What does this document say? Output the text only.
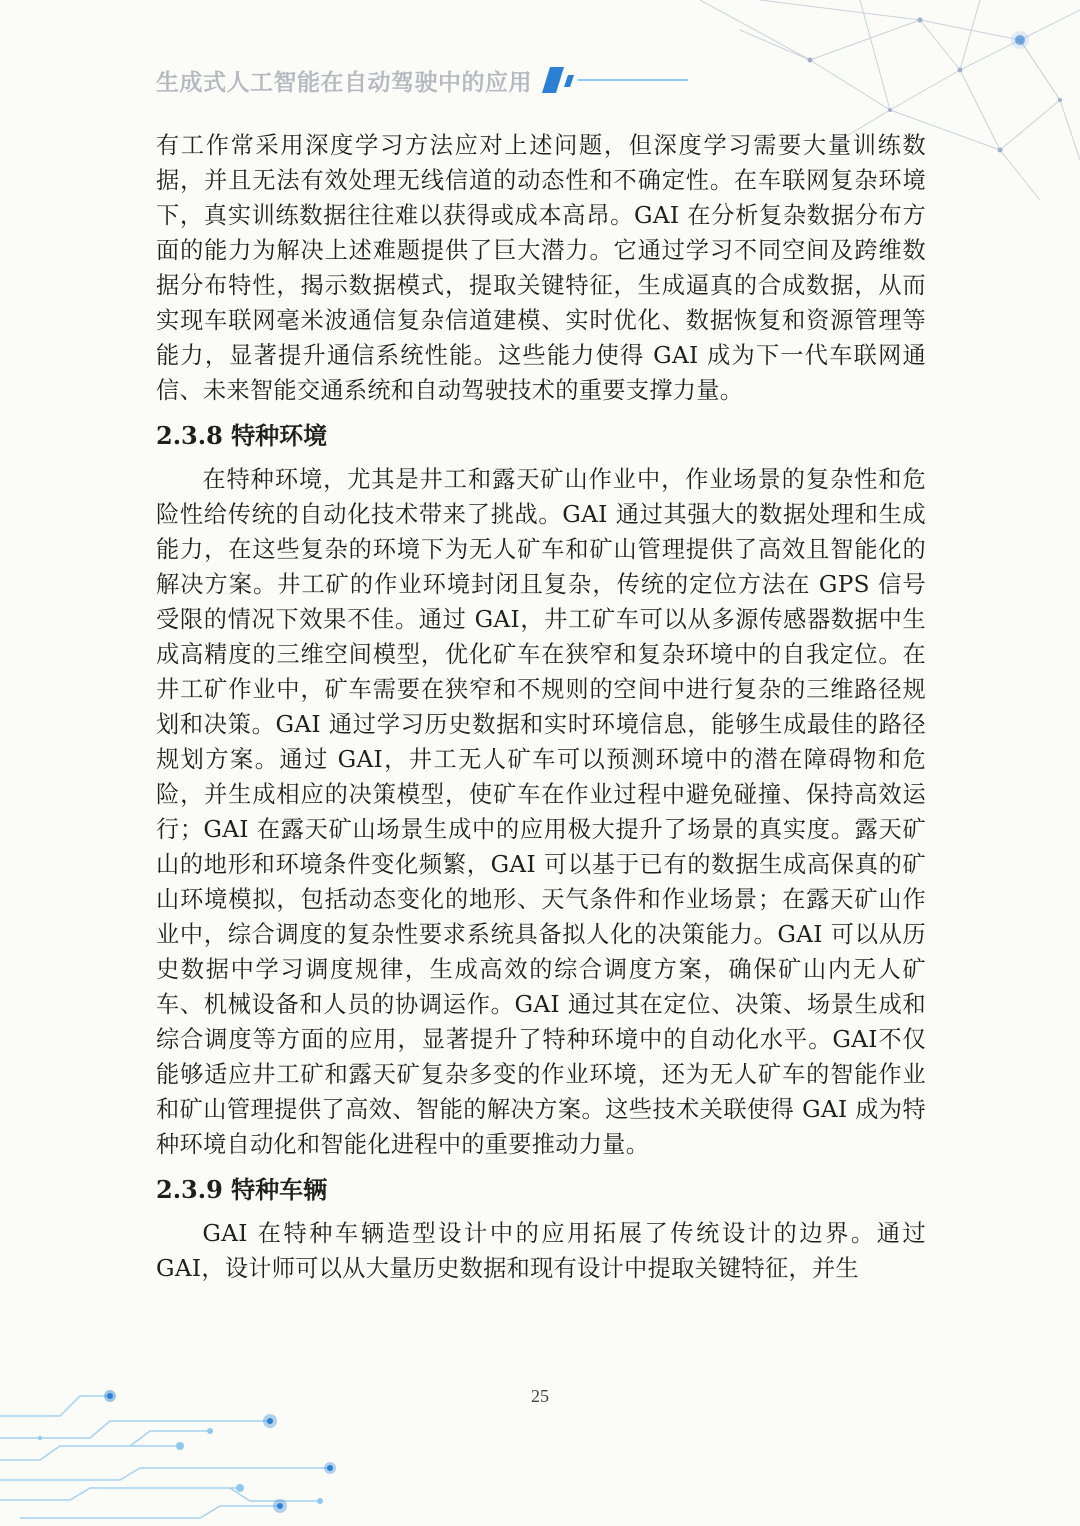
生成式人工智能在自动驾驶中的应用

有工作常采用深度学习方法应对上述问题，但深度学习需要大量训练数据，并且无法有效处理无线信道的动态性和不确定性。在车联网复杂环境下，真实训练数据往往难以获得或成本高昂。GAI 在分析复杂数据分布方面的能力为解决上述难题提供了巨大潜力。它通过学习不同空间及跨维数据分布特性，揭示数据模式，提取关键特征，生成逼真的合成数据，从而实现车联网毫米波通信复杂信道建模、实时优化、数据恢复和资源管理等能力，显著提升通信系统性能。这些能力使得 GAI 成为下一代车联网通信、未来智能交通系统和自动驾驶技术的重要支撑力量。

2.3.8 特种环境

在特种环境，尤其是井工和露天矿山作业中，作业场景的复杂性和危险性给传统的自动化技术带来了挑战。GAI 通过其强大的数据处理和生成能力，在这些复杂的环境下为无人矿车和矿山管理提供了高效且智能化的解决方案。井工矿的作业环境封闭且复杂，传统的定位方法在 GPS 信号受限的情况下效果不佳。通过 GAI，井工矿车可以从多源传感器数据中生成高精度的三维空间模型，优化矿车在狭窄和复杂环境中的自我定位。在井工矿作业中，矿车需要在狭窄和不规则的空间中进行复杂的三维路径规划和决策。GAI 通过学习历史数据和实时环境信息，能够生成最佳的路径规划方案。通过 GAI，井工无人矿车可以预测环境中的潜在障碍物和危险，并生成相应的决策模型，使矿车在作业过程中避免碰撞、保持高效运行；GAI 在露天矿山场景生成中的应用极大提升了场景的真实度。露天矿山的地形和环境条件变化频繁，GAI 可以基于已有的数据生成高保真的矿山环境模拟，包括动态变化的地形、天气条件和作业场景；在露天矿山作业中，综合调度的复杂性要求系统具备拟人化的决策能力。GAI 可以从历史数据中学习调度规律，生成高效的综合调度方案，确保矿山内无人矿车、机械设备和人员的协调运作。GAI 通过其在定位、决策、场景生成和综合调度等方面的应用，显著提升了特种环境中的自动化水平。GAI不仅能够适应井工矿和露天矿复杂多变的作业环境，还为无人矿车的智能作业和矿山管理提供了高效、智能的解决方案。这些技术关联使得 GAI 成为特种环境自动化和智能化进程中的重要推动力量。

2.3.9 特种车辆

GAI 在特种车辆造型设计中的应用拓展了传统设计的边界。通过 GAI，设计师可以从大量历史数据和现有设计中提取关键特征，并生

25
